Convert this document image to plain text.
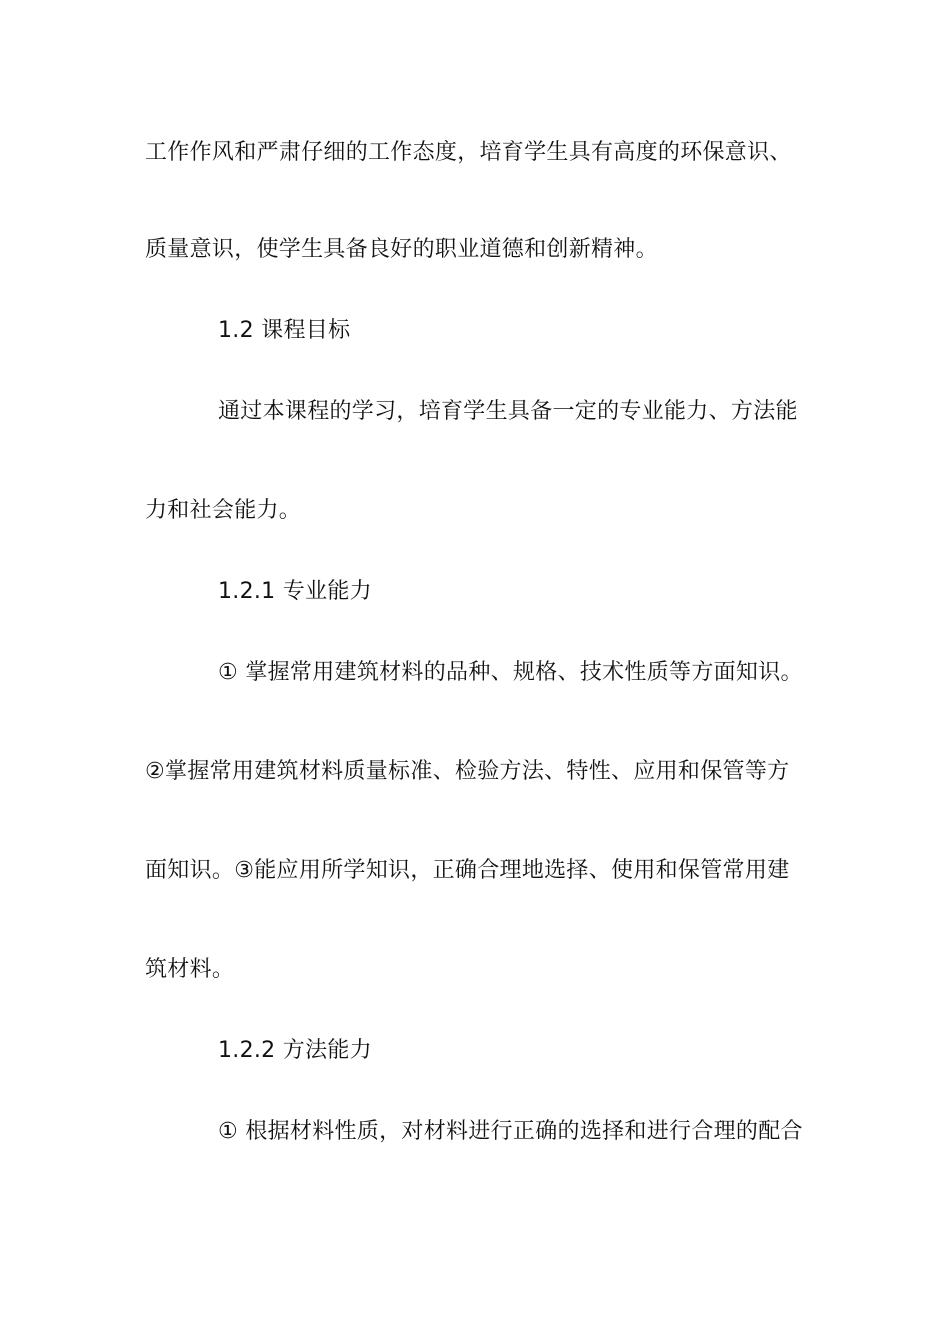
工作作风和严肃仔细的工作态度，培育学生具有高度的环保意识、
质量意识，使学生具备良好的职业道德和创新精神。
1.2 课程目标
通过本课程的学习，培育学生具备一定的专业能力、方法能
力和社会能力。
1.2.1 专业能力
① 掌握常用建筑材料的品种、规格、技术性质等方面知识。
②掌握常用建筑材料质量标准、检验方法、特性、应用和保管等方
面知识。③能应用所学知识，正确合理地选择、使用和保管常用建
筑材料。
1.2.2 方法能力
① 根据材料性质，对材料进行正确的选择和进行合理的配合
